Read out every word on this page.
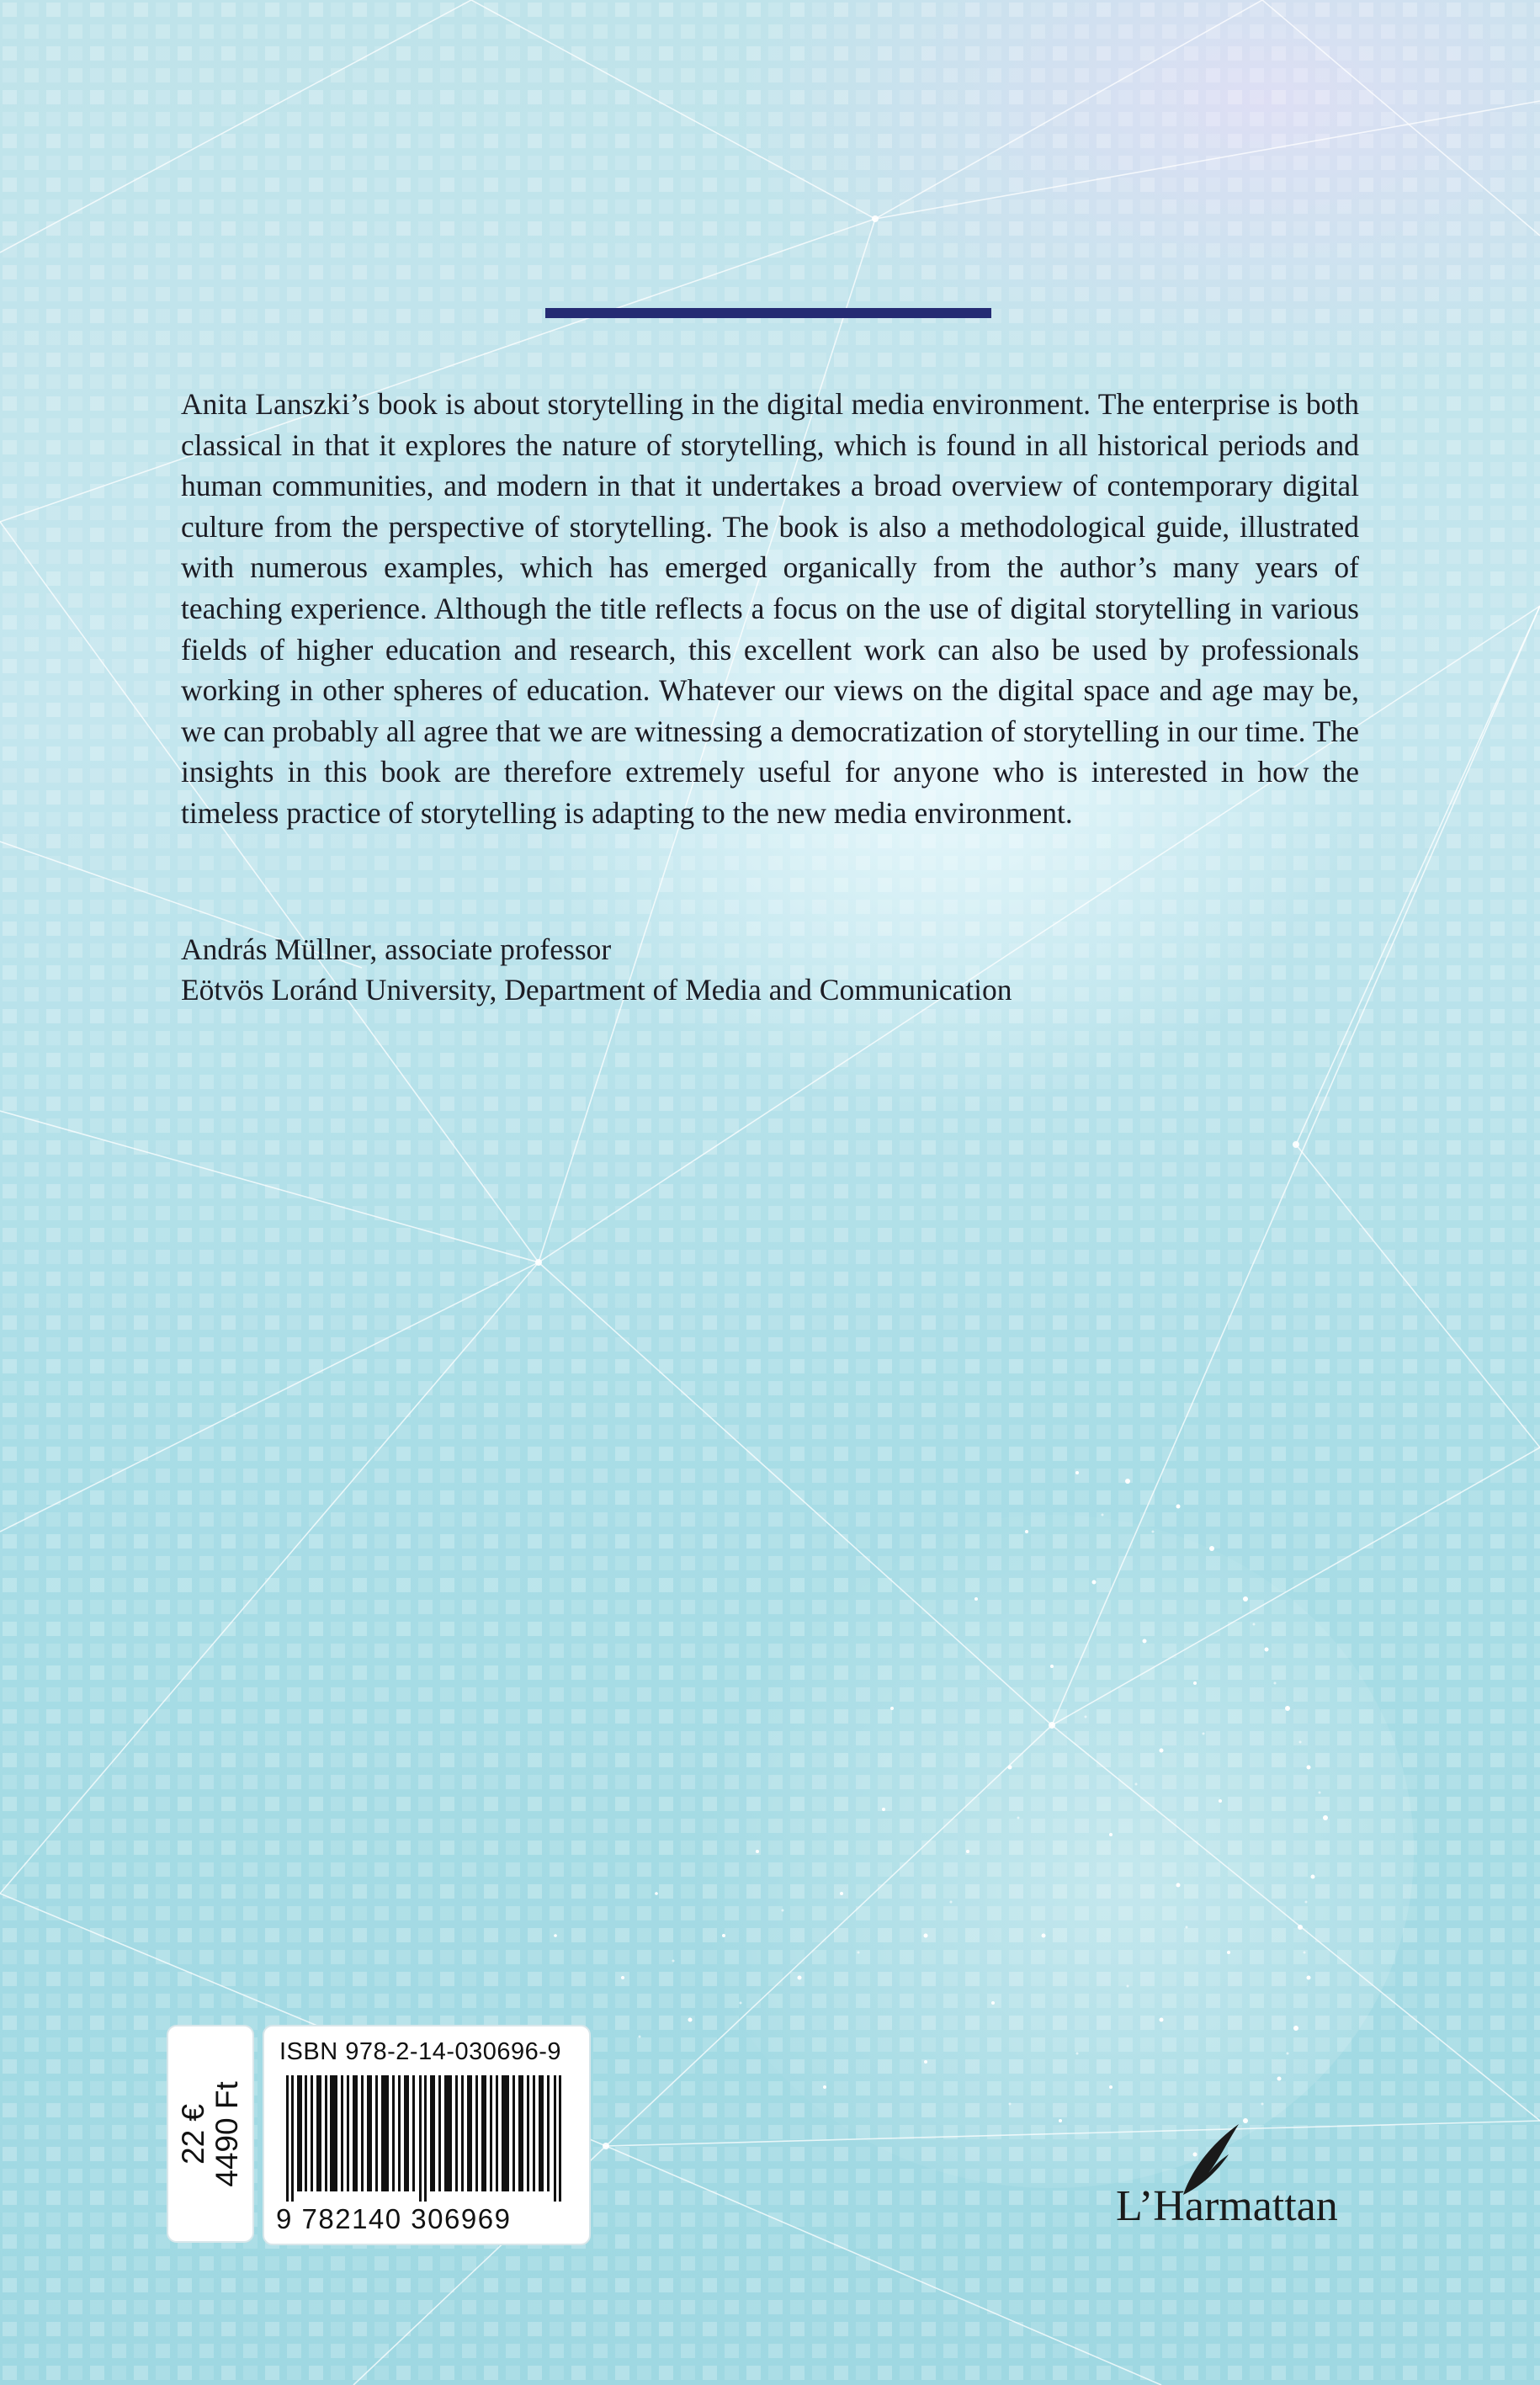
Anita Lanszki’s book is about storytelling in the digital media environment. The enterprise is both classical in that it explores the nature of storytelling, which is found in all historical periods and human communities, and modern in that it undertakes a broad overview of contemporary digital culture from the perspective of storytelling. The book is also a methodological guide, illustrated with numerous examples, which has emerged organically from the author’s many years of teaching experience. Although the title reflects a focus on the use of digital storytelling in various fields of higher education and research, this excellent work can also be used by professionals working in other spheres of education. Whatever our views on the digital space and age may be, we can probably all agree that we are witnessing a democratization of storytelling in our time. The insights in this book are therefore extremely useful for anyone who is interested in how the timeless practice of storytelling is adapting to the new media environment.

András Müllner, associate professor
Eötvös Loránd University, Department of Media and Communication
22 € 4490 Ft
ISBN 978-2-14-030696-9
9 782140 306969	L’Harmattan
